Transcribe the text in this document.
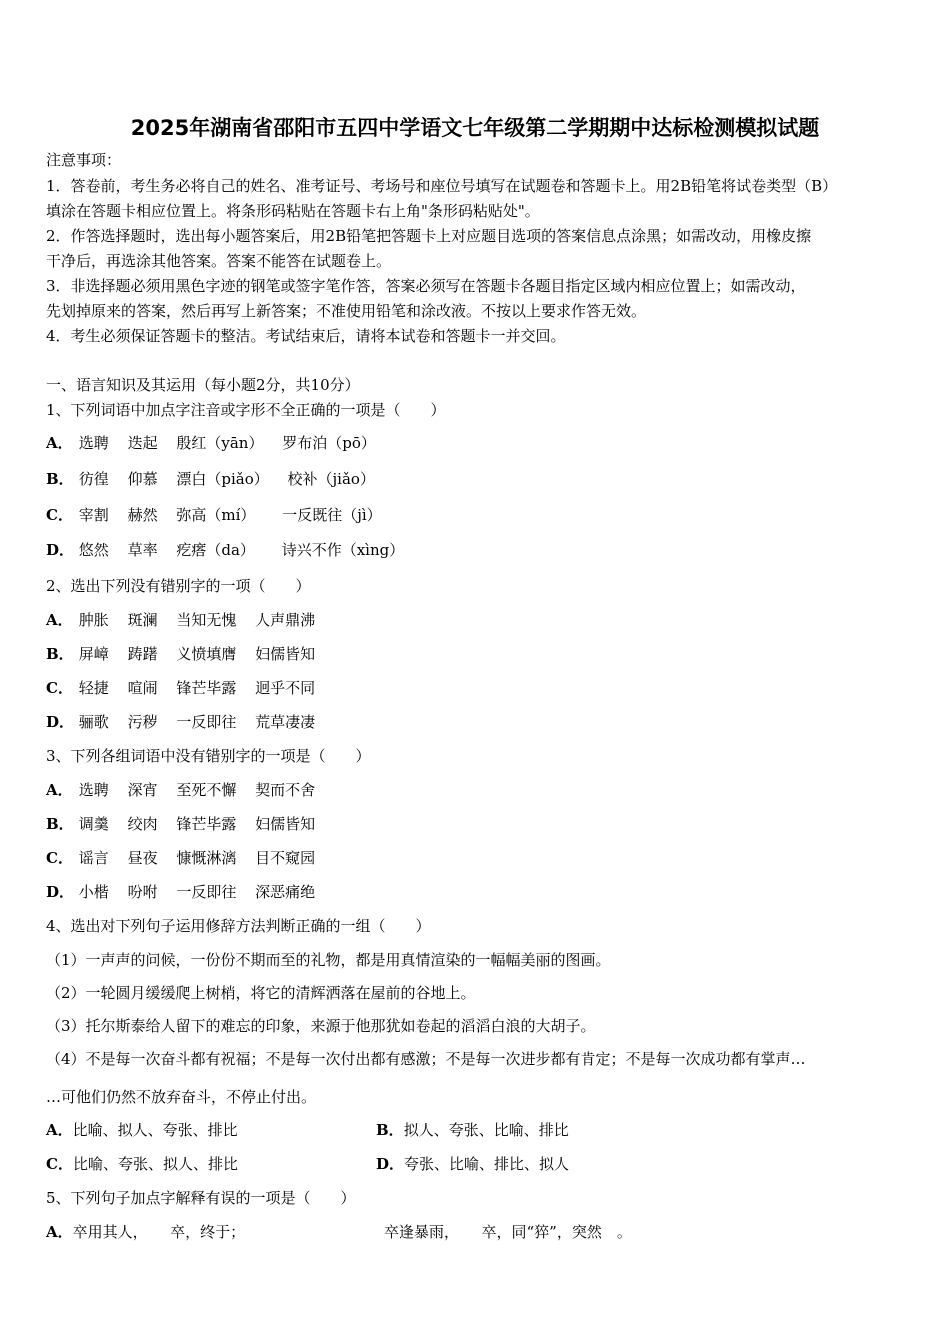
2025年湖南省邵阳市五四中学语文七年级第二学期期中达标检测模拟试题
注意事项：
1．答卷前，考生务必将自己的姓名、准考证号、考场号和座位号填写在试题卷和答题卡上。用2B铅笔将试卷类型（B）
填涂在答题卡相应位置上。将条形码粘贴在答题卡右上角"条形码粘贴处"。
2．作答选择题时，选出每小题答案后，用2B铅笔把答题卡上对应题目选项的答案信息点涂黑；如需改动，用橡皮擦
干净后，再选涂其他答案。答案不能答在试题卷上。
3．非选择题必须用黑色字迹的钢笔或签字笔作答，答案必须写在答题卡各题目指定区域内相应位置上；如需改动，
先划掉原来的答案，然后再写上新答案；不准使用铅笔和涂改液。不按以上要求作答无效。
4．考生必须保证答题卡的整洁。考试结束后，请将本试卷和答题卡一并交回。
一、语言知识及其运用（每小题2分，共10分）
1、下列词语中加点字注音或字形不全正确的一项是（　　）
A． 选聘 迭起 殷红（yān） 罗布泊（pō）
B． 彷徨 仰慕 漂白（piǎo） 校补（jiǎo）
C． 宰割 赫然 弥高（mí） 一反既往（jì）
D． 悠然 草率 疙瘩（da） 诗兴不作（xìng）
2、选出下列没有错别字的一项（　　）
A． 肿胀 斑澜 当知无愧 人声鼎沸
B． 屏嶂 踌躇 义愤填膺 妇儒皆知
C． 轻捷 喧闹 锋芒毕露 迥乎不同
D． 骊歌 污秽 一反即往 荒草凄凄
3、下列各组词语中没有错别字的一项是（　　）
A． 选聘 深宵 至死不懈 契而不舍
B． 调羹 绞肉 锋芒毕露 妇儒皆知
C． 谣言 昼夜 慷慨淋漓 目不窥园
D． 小楷 吩咐 一反即往 深恶痛绝
4、选出对下列句子运用修辞方法判断正确的一组（　　）
（1）一声声的问候，一份份不期而至的礼物，都是用真情渲染的一幅幅美丽的图画。
（2）一轮圆月缓缓爬上树梢，将它的清辉洒落在屋前的谷地上。
（3）托尔斯泰给人留下的难忘的印象，来源于他那犹如卷起的滔滔白浪的大胡子。
（4）不是每一次奋斗都有祝福；不是每一次付出都有感激；不是每一次进步都有肯定；不是每一次成功都有掌声…
…可他们仍然不放弃奋斗，不停止付出。
A．比喻、拟人、夸张、排比	B．拟人、夸张、比喻、排比
C．比喻、夸张、拟人、排比	D．夸张、比喻、排比、拟人
5、下列句子加点字解释有误的一项是（　　）
A．卒用其人，　　卒，终于；	卒逢暴雨，　　卒，同“猝”，突然　。
